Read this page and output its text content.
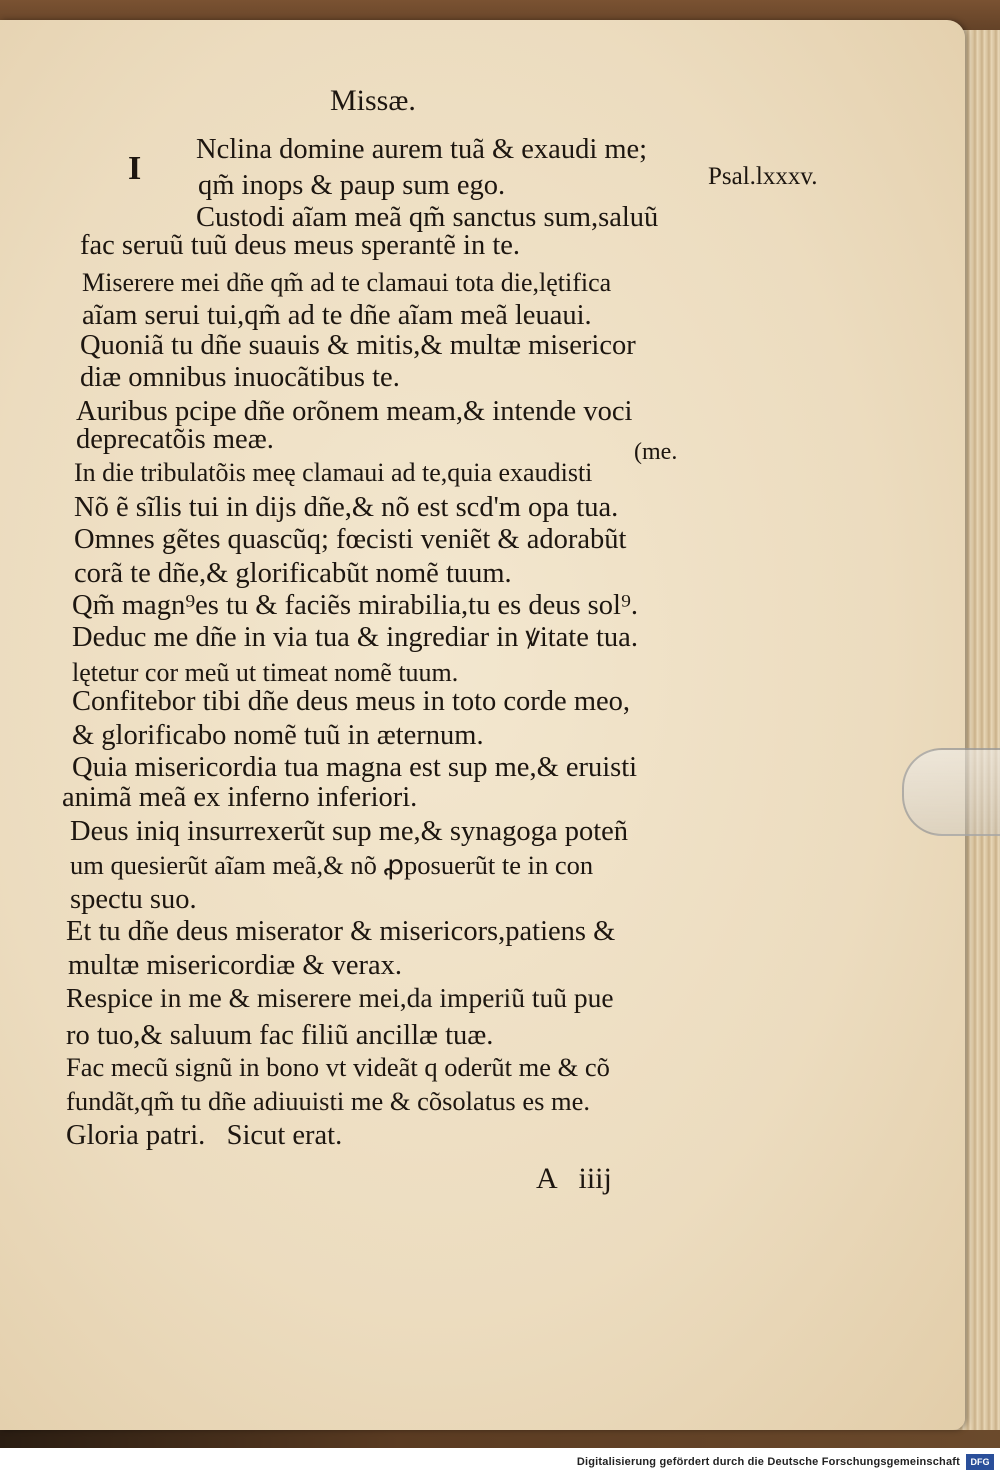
Missæ.
Psal.lxxxv.
I
Nclina domine aurem tuã & exaudi me;
qm̃ inops & paup sum ego.
Custodi aĩam meã qm̃ sanctus sum,saluũ
fac seruũ tuũ deus meus sperantẽ in te.
Miserere mei dñe qm̃ ad te clamaui tota die,lętifica
aĩam serui tui,qm̃ ad te dñe aĩam meã leuaui.
Quoniã tu dñe suauis & mitis,& multæ misericor
diæ omnibus inuocãtibus te.
Auribus pcipe dñe orõnem meam,& intende voci
deprecatõis meæ.	(me.
In die tribulatõis meę clamaui ad te,quia exaudisti
Nõ ẽ sĩlis tui in dijs dñe,& nõ est scd'm opa tua.
Omnes gẽtes quascũq; fœcisti veniẽt & adorabũt
corã te dñe,& glorificabũt nomẽ tuum.
Qm̃ magn⁹es tu & faciẽs mirabilia,tu es deus sol⁹.
Deduc me dñe in via tua & ingrediar in ꝟitate tua.
lętetur cor meũ ut timeat nomẽ tuum.
Confitebor tibi dñe deus meus in toto corde meo,
& glorificabo nomẽ tuũ in æternum.
Quia misericordia tua magna est sup me,& eruisti
animã meã ex inferno inferiori.
Deus iniq insurrexerũt sup me,& synagoga poteñ
um quesierũt aĩam meã,& nõ ꝓposuerũt te in con
spectu suo.
Et tu dñe deus miserator & misericors,patiens &
multæ misericordiæ & verax.
Respice in me & miserere mei,da imperiũ tuũ pue
ro tuo,& saluum fac filiũ ancillæ tuæ.
Fac mecũ signũ in bono vt videãt q oderũt me & cõ
fundãt,qm̃ tu dñe adiuuisti me & cõsolatus es me.
Gloria patri.   Sicut erat.
A   iiij
Digitalisierung gefördert durch die Deutsche Forschungsgemeinschaft	DFG
